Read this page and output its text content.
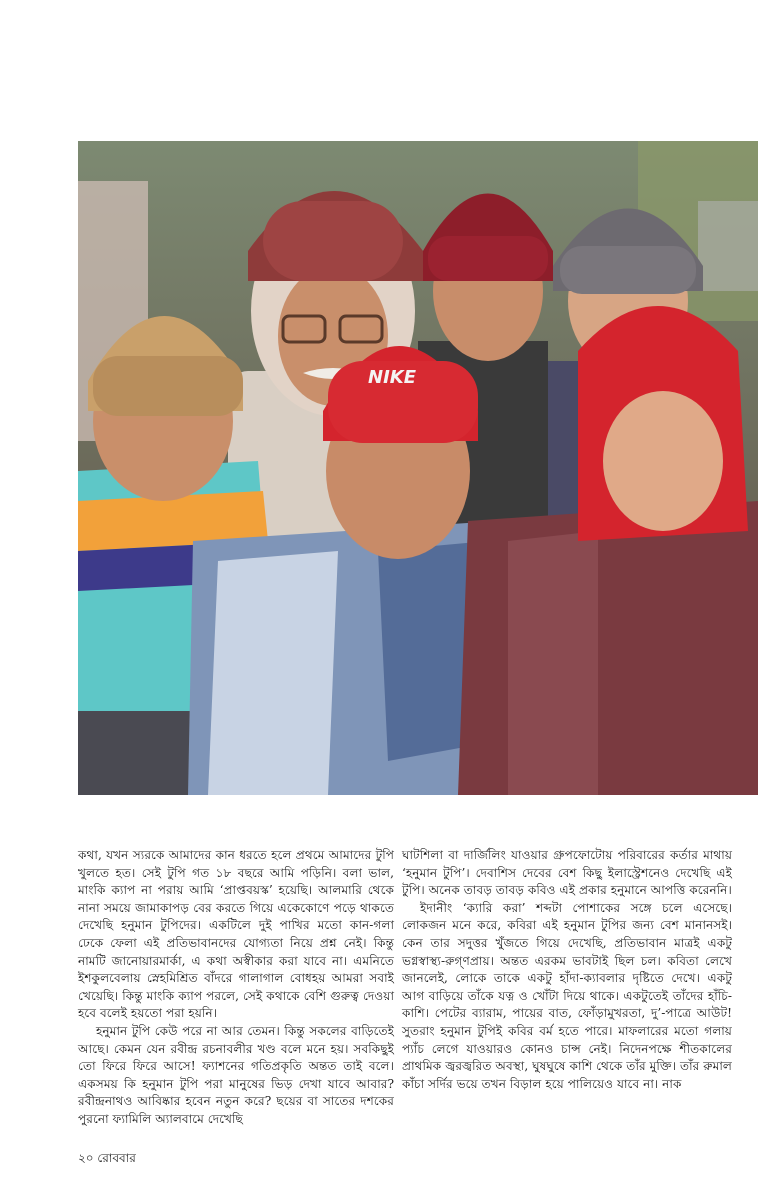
NIKE

কথা, যখন স্যরকে আমাদের কান ধরতে হলে প্রথমে আমাদের টুপি খুলতে হত। সেই টুপি গত ১৮ বছরে আমি পড়িনি। বলা ভাল, মাংকি ক্যাপ না পরায় আমি ‘প্রাপ্তবয়স্ক’ হয়েছি। আলমারি থেকে নানা সময়ে জামাকাপড় বের করতে গিয়ে একেকোণে পড়ে থাকতে দেখেছি হনুমান টুপিদের। একটিলে দুই পাখির মতো কান-গলা ঢেকে ফেলা এই প্রতিভাবানদের যোগ্যতা নিয়ে প্রশ্ন নেই। কিন্তু নামটি জানোয়ারমার্কা, এ কথা অস্বীকার করা যাবে না। এমনিতে ইশকুলবেলায় স্নেহমিশ্রিত বাঁদরে গালাগাল বোধহয় আমরা সবাই খেয়েছি। কিন্তু মাংকি ক্যাপ পরলে, সেই কথাকে বেশি গুরুত্ব দেওয়া হবে বলেই হয়তো পরা হয়নি।

হনুমান টুপি কেউ পরে না আর তেমন। কিন্তু সকলের বাড়িতেই আছে। কেমন যেন রবীন্দ্র রচনাবলীর খণ্ড বলে মনে হয়। সবকিছুই তো ফিরে ফিরে আসে! ফ্যাশনের গতিপ্রকৃতি অন্তত তাই বলে। একসময় কি হনুমান টুপি পরা মানুষের ভিড় দেখা যাবে আবার? রবীন্দ্রনাথও আবিষ্কার হবেন নতুন করে? ছয়ের বা সাতের দশকের পুরনো ফ্যামিলি অ্যালবামে দেখেছি

ঘাটশিলা বা দার্জিলিং যাওয়ার গ্রুপফোটোয় পরিবারের কর্তার মাথায় ‘হনুমান টুপি’। দেবাশিস দেবের বেশ কিছু ইলাস্ট্রেশনেও দেখেছি এই টুপি। অনেক তাবড় তাবড় কবিও এই প্রকার হনুমানে আপত্তি করেননি।

ইদানীং ‘ক্যারি করা’ শব্দটা পোশাকের সঙ্গে চলে এসেছে। লোকজন মনে করে, কবিরা এই হনুমান টুপির জন্য বেশ মানানসই। কেন তার সদুত্তর খুঁজতে গিয়ে দেখেছি, প্রতিভাবান মাত্রই একটু ভগ্নস্বাস্থ্য-রুগ্ণপ্রায়। অন্তত এরকম ভাবটাই ছিল চল। কবিতা লেখে জানলেই, লোকে তাকে একটু হাঁদা-ক্যাবলার দৃষ্টিতে দেখে। একটু আগ বাড়িয়ে তাঁকে যত্ন ও খোঁটা দিয়ে থাকে। একটুতেই তাঁদের হাঁচি-কাশি। পেটের ব্যারাম, পায়ের বাত, ফোঁড়ামুখরতা, দু’-পাত্রে আউট! সুতরাং হনুমান টুপিই কবির বর্ম হতে পারে। মাফলারের মতো গলায় প্যাঁচ লেগে যাওয়ারও কোনও চান্স নেই। নিদেনপক্ষে শীতকালের প্রাথমিক জ্বরজ্বরিত অবস্থা, ঘুষঘুষে কাশি থেকে তাঁর মুক্তি। তাঁর রুমাল কাঁচা সর্দির ভয়ে তখন বিড়াল হয়ে পালিয়েও যাবে না। নাক

২০ রোববার
